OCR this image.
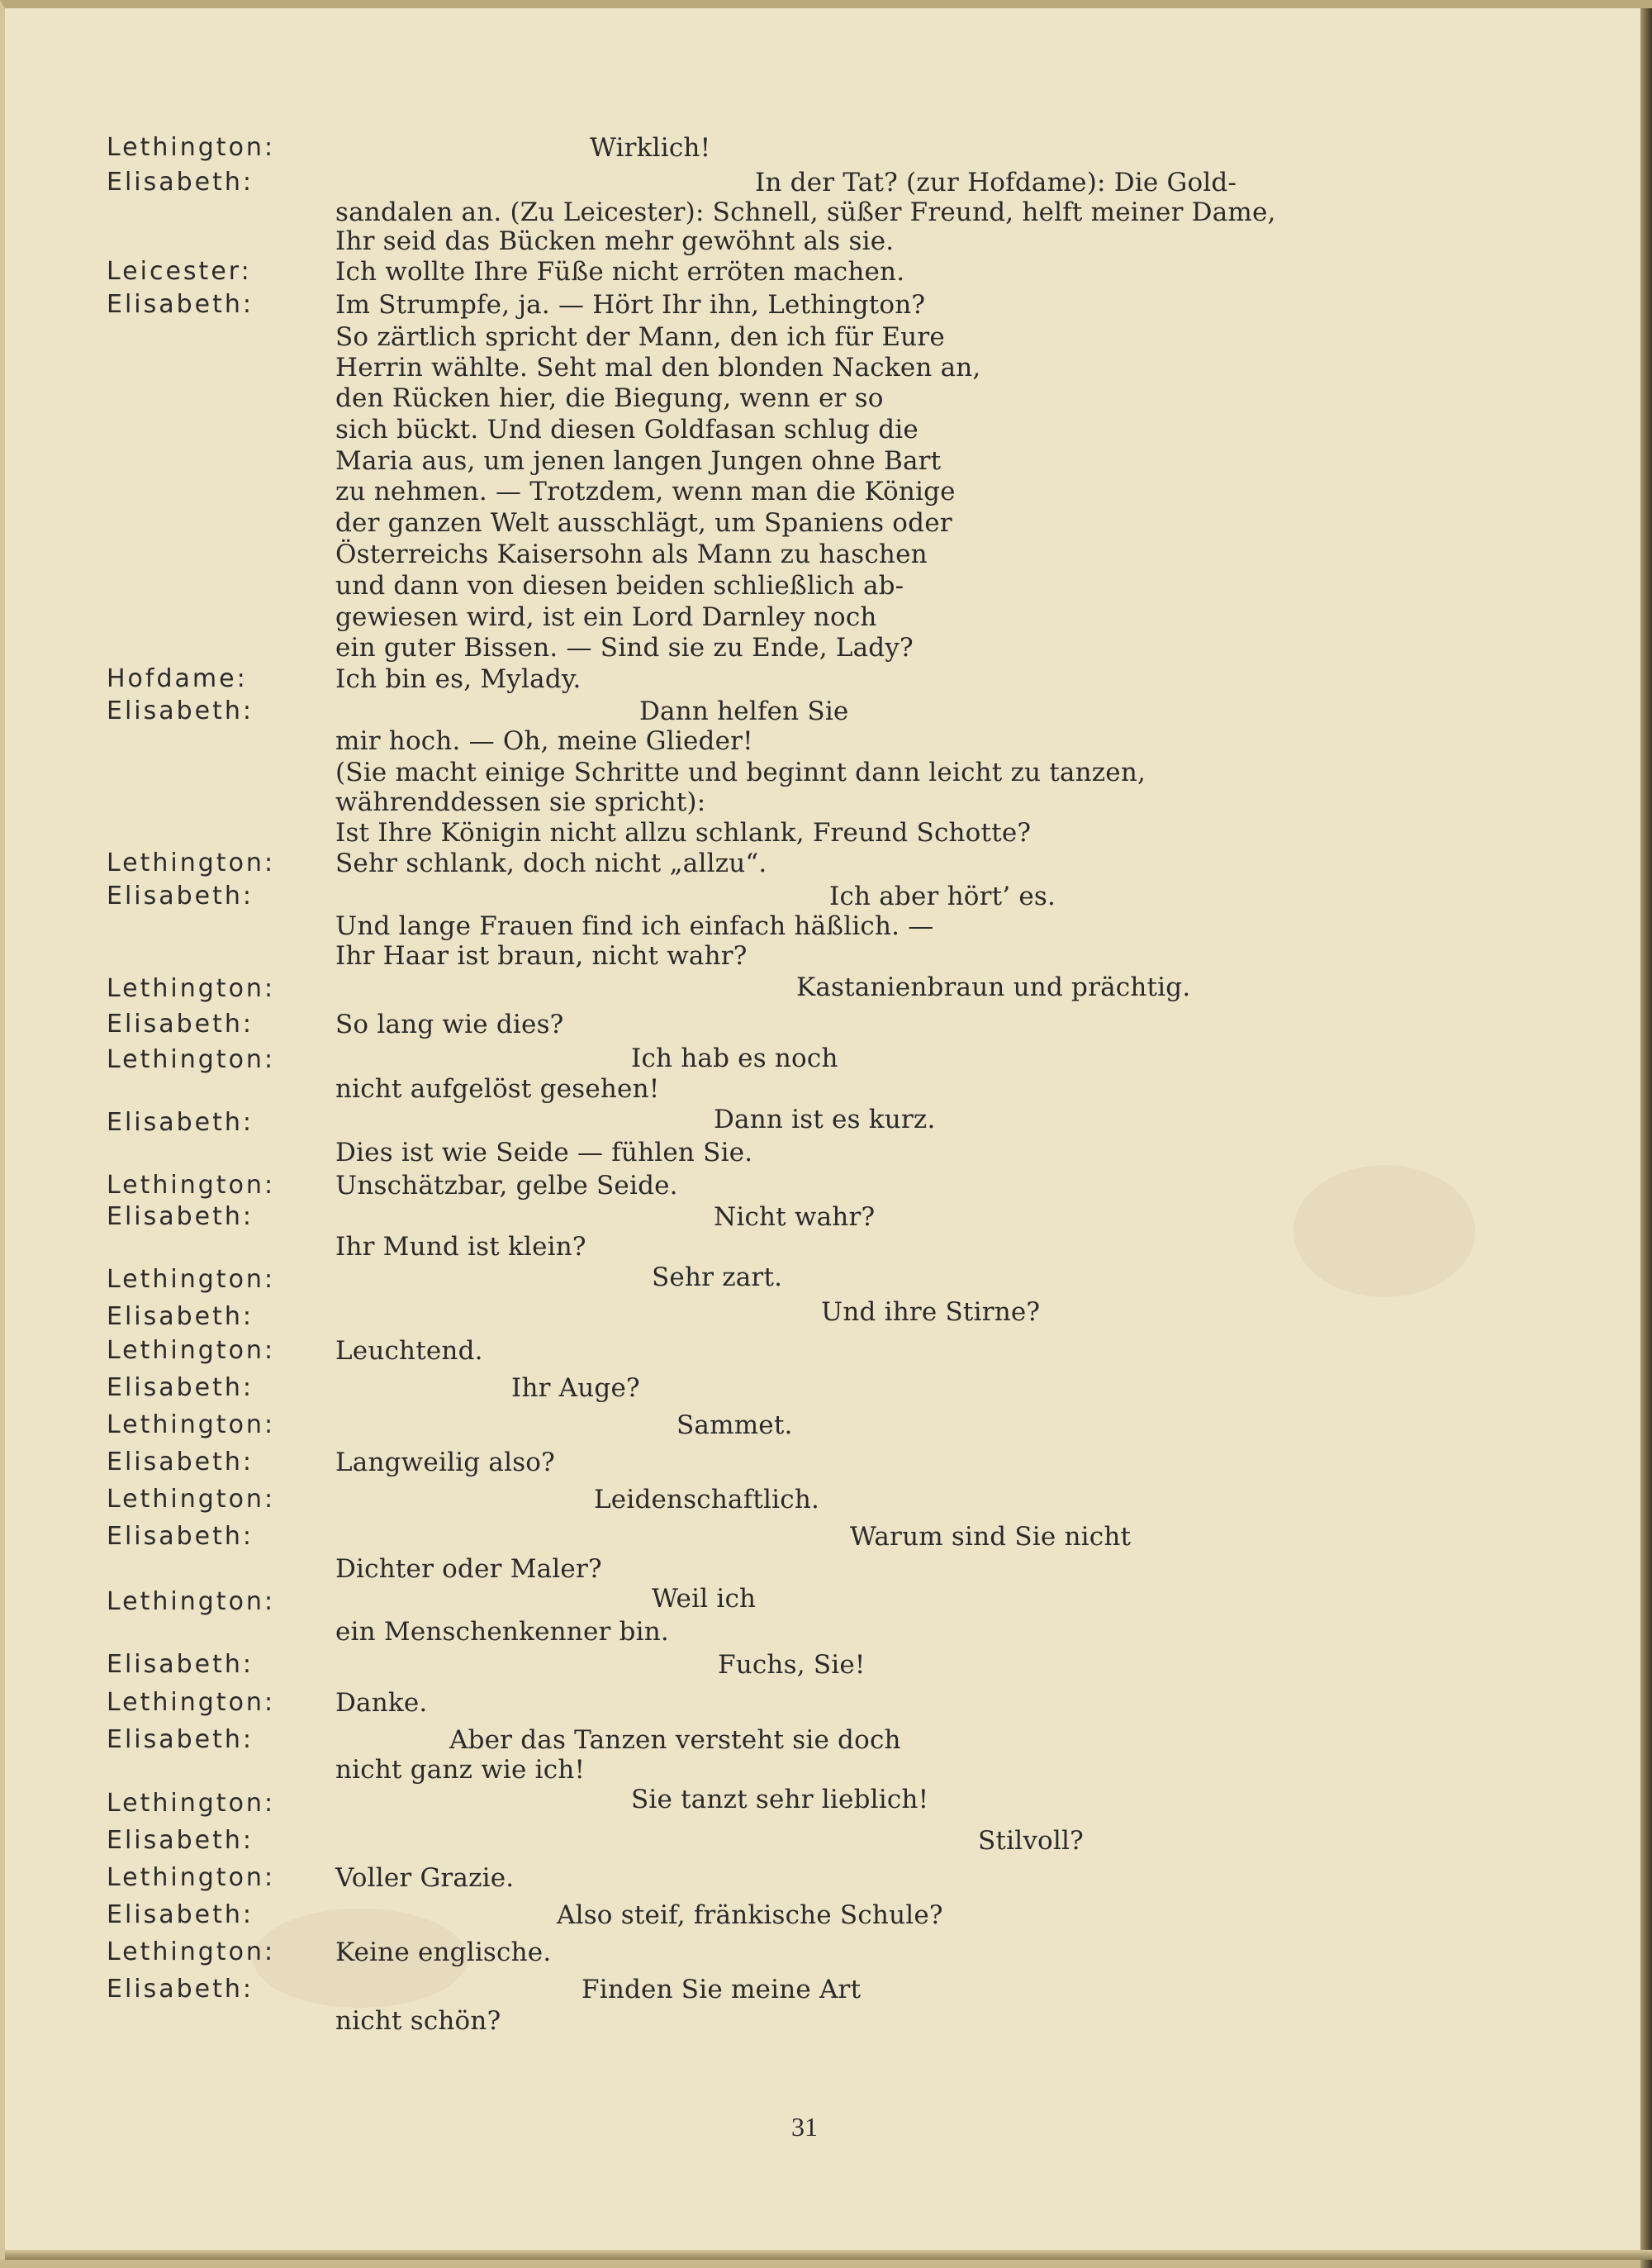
Lethington:	Wirklich!
Elisabeth:	In der Tat? (zur Hofdame): Die Gold-
sandalen an. (Zu Leicester): Schnell, süßer Freund, helft meiner Dame,
Ihr seid das Bücken mehr gewöhnt als sie.
Leicester:	Ich wollte Ihre Füße nicht erröten machen.
Elisabeth:	Im Strumpfe, ja. — Hört Ihr ihn, Lethington?
So zärtlich spricht der Mann, den ich für Eure
Herrin wählte. Seht mal den blonden Nacken an,
den Rücken hier, die Biegung, wenn er so
sich bückt. Und diesen Goldfasan schlug die
Maria aus, um jenen langen Jungen ohne Bart
zu nehmen. — Trotzdem, wenn man die Könige
der ganzen Welt ausschlägt, um Spaniens oder
Österreichs Kaisersohn als Mann zu haschen
und dann von diesen beiden schließlich ab-
gewiesen wird, ist ein Lord Darnley noch
ein guter Bissen. — Sind sie zu Ende, Lady?
Hofdame:	Ich bin es, Mylady.
Elisabeth:	Dann helfen Sie
mir hoch. — Oh, meine Glieder!
(Sie macht einige Schritte und beginnt dann leicht zu tanzen,
währenddessen sie spricht):
Ist Ihre Königin nicht allzu schlank, Freund Schotte?
Lethington: Sehr schlank, doch nicht „allzu“.
Elisabeth:	Ich aber hört’ es.
Und lange Frauen find ich einfach häßlich. —
Ihr Haar ist braun, nicht wahr?
Lethington:	Kastanienbraun und prächtig.
Elisabeth:	So lang wie dies?
Lethington:	Ich hab es noch
nicht aufgelöst gesehen!
Elisabeth:	Dann ist es kurz.
Dies ist wie Seide — fühlen Sie.
Lethington: Unschätzbar, gelbe Seide.
Elisabeth:	Nicht wahr?
Ihr Mund ist klein?
Lethington:	Sehr zart.
Elisabeth:	Und ihre Stirne?
Lethington: Leuchtend.
Elisabeth:	Ihr Auge?
Lethington:	Sammet.
Elisabeth:	Langweilig also?
Lethington:	Leidenschaftlich.
Elisabeth:	Warum sind Sie nicht
Dichter oder Maler?
Lethington:	Weil ich
ein Menschenkenner bin.
Elisabeth:	Fuchs, Sie!
Lethington: Danke.
Elisabeth:	Aber das Tanzen versteht sie doch
nicht ganz wie ich!
Lethington:	Sie tanzt sehr lieblich!
Elisabeth:	Stilvoll?
Lethington: Voller Grazie.
Elisabeth:	Also steif, fränkische Schule?
Lethington: Keine englische.
Elisabeth:	Finden Sie meine Art
nicht schön?
31
